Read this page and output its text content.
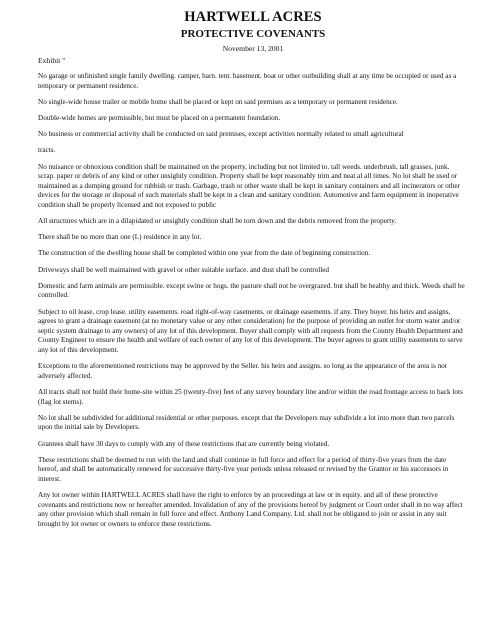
HARTWELL ACRES
PROTECTIVE COVENANTS
November 13, 2001
Exhibit "

No garage or unfinished single family dwelling. camper, barn. tent. basement. boat or other outbuilding shall at any time be occupied or used as a temporary or permanent residence.

No single-wide house trailer or mobile home shall be placed or kept on said premises as a temporary or permanent residence.

Double-wide homes are permissible, but must be placed on a permanent foundation.

No business or commercial activity shall be conducted on said premises, except activities normally related to small agricultural

tracts.

No nuisance or obnoxious condition shall be maintained on the property, including but not limited to. tall weeds. underbrush. tall grasses, junk. scrap. paper or debris of any kind or other unsightly condition. Property shall be kept reasonably trim and neat al all times. No lot shall be used or maintained as a dumping ground for rubbish or trash. Garbage, trash or other waste shall be kept in sanitary containers and all incinerators or other devices for the storage or disposal of such materials shall be kept in a clean and sanitary condition. Automotive and farm equipment in inoperative condition shall be properly licensed and not exposed to public

All structures which are in a dilapidated or unsightly condition shall be torn down and the debris removed from the property.

There shall be no more than one (L) residence in any lot.

The construction of the dwelling house shall be completed within one year from the date of beginning construction.

Driveways shall be well maintained with gravel or other suitable surface. and dust shall be controlled

Domestic and farm animals are permissible. except swine or hogs. the pasture shall not be overgrazed. but shall be healthy and thick. Weeds shall be controlled.

Subject to oil lease, crop lease. utility easements. road right-of-way casements. or drainage easements. if any. They buyer. his heirs and assigns, agrees to grant a drainage easement (at no monetary value or any other consideration) for the purpose of providing an outlet for storm water and/or septic system drainage to any owners) of any lot of this development. Buyer shall comply with all requests from the County Health Department and County Engineer to ensure the health and welfare of each owner of any lot of this development. The buyer agrees to grant utility easements to serve any lot of this development.

Exceptions to the aforementioned restrictions may be approved by the Seller. his heirs and assigns. so long as the appearance of the area is not adversely affected.

All tracts shall not build their home-site within 25 (twenty-five) feet of any survey boundary line and/or within the road frontage access to back lots (flag lot stems).

No lot shall be subdivided for additional residential or other purposes. except that the Developers may subdivide a lot into more than two parcels upon the initial sale by Developers.

Grantees shall have 30 days to comply with any of these restrictions that are currently being violated.

These restrictions shall be deemed to run with the land and shall continue in full force and effect for a period of thirty-five years from the date hereof, and shall be automatically renewed for successive thirty-five year periods unless released or revised by the Grantor or his successors in interest.

Any lot owner within HARTWELL ACRES shall have the right to enforce by an proceedings at law or in equity. and all of these protective covenants and restrictions now or hereafter amended. Invalidation of any of the provisions hereof by judgment or Court order shall in no way affect any other provision which shall remain in full force and effect. Anthony Land Company. Ltd. shall not be obligated to join or assist in any suit brought by lot owner or owners to enforce these restrictions.
